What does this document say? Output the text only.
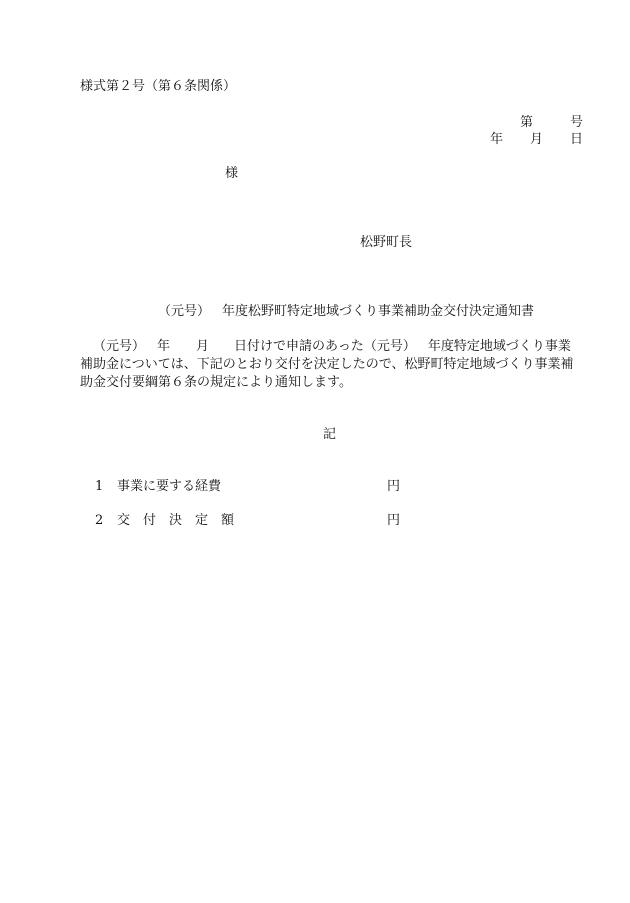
様式第２号（第６条関係）
第	号
年 月 日
様
松野町長
（元号） 年度松野町特定地域づくり事業補助金交付決定通知書
（元号） 年 月 日付けで申請のあった（元号） 年度特定地域づくり事業
補助金については、下記のとおり交付を決定したので、松野町特定地域づくり事業補
助金交付要綱第６条の規定により通知します。
記
1 事業に要する経費	円
2 交　付　決　定　額	円
